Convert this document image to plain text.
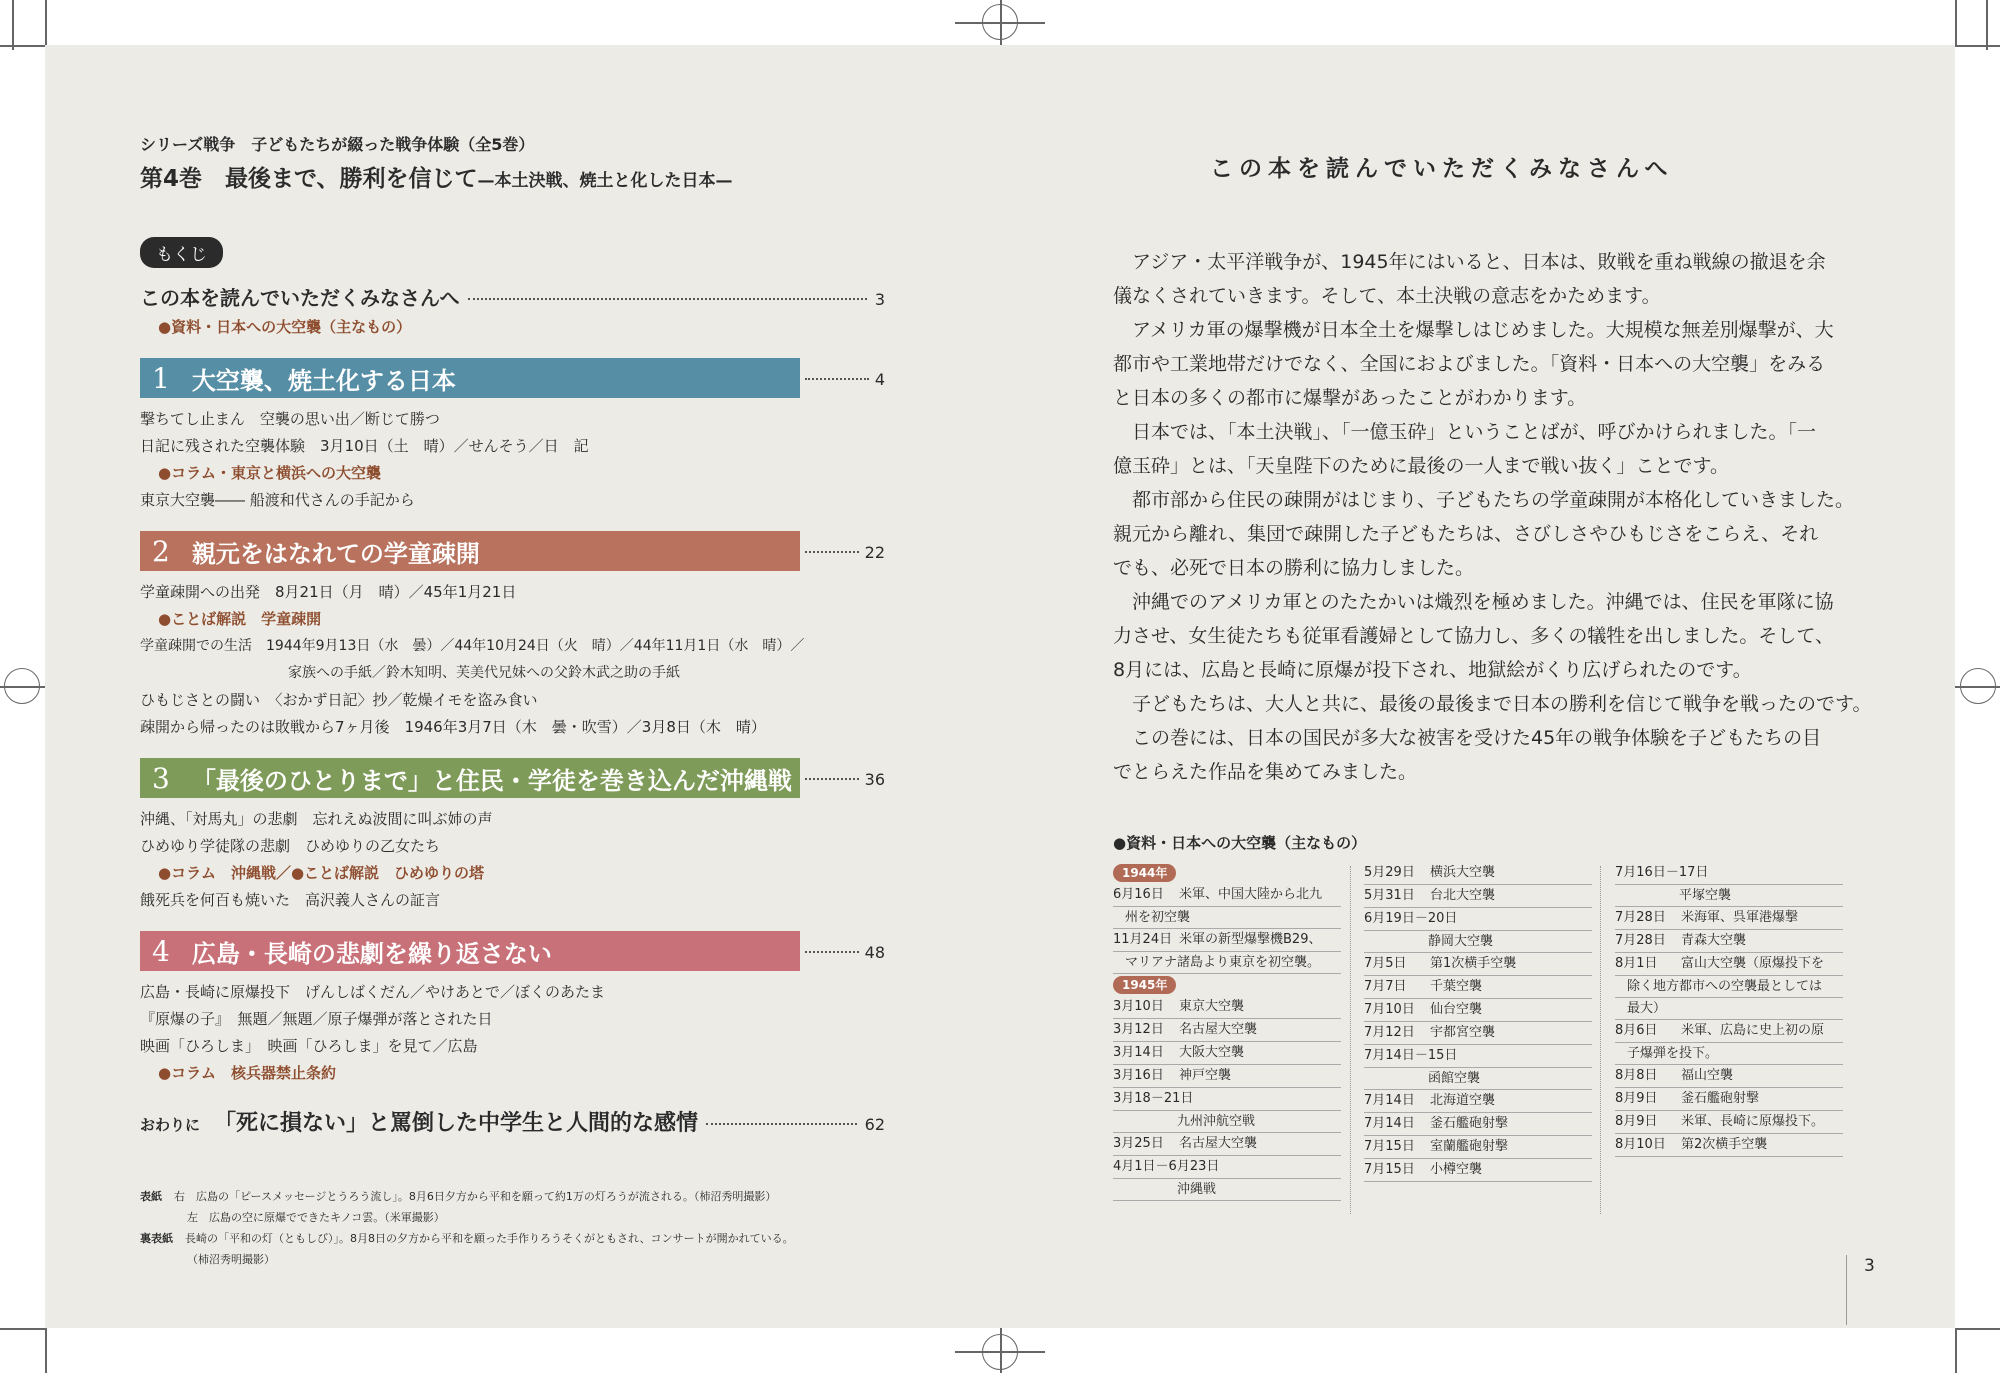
シリーズ戦争　子どもたちが綴った戦争体験（全5巻）
第4巻　最後まで、勝利を信じて—本土決戦、焼土と化した日本—
もくじ
この本を読んでいただくみなさんへ	3
●資料・日本への大空襲（主なもの）
1 大空襲、焼土化する日本	4
撃ちてし止まん　空襲の思い出／断じて勝つ
日記に残された空襲体験　3月10日（土　晴）／せんそう／日　記
●コラム・東京と横浜への大空襲
東京大空襲―― 船渡和代さんの手記から
2 親元をはなれての学童疎開	22
学童疎開への出発　8月21日（月　晴）／45年1月21日
●ことば解説　学童疎開
学童疎開での生活　1944年9月13日（水　曇）／44年10月24日（火　晴）／44年11月1日（水　晴）／
家族への手紙／鈴木知明、芙美代兄妹への父鈴木武之助の手紙
ひもじさとの闘い　〈おかず日記〉抄／乾燥イモを盗み食い
疎開から帰ったのは敗戦から7ヶ月後　1946年3月7日（木　曇・吹雪）／3月8日（木　晴）
3 「最後のひとりまで」と住民・学徒を巻き込んだ沖縄戦	36
沖縄、「対馬丸」の悲劇　忘れえぬ波間に叫ぶ姉の声
ひめゆり学徒隊の悲劇　ひめゆりの乙女たち
●コラム　沖縄戦／●ことば解説　ひめゆりの塔
餓死兵を何百も焼いた　高沢義人さんの証言
4 広島・長崎の悲劇を繰り返さない	48
広島・長崎に原爆投下　げんしばくだん／やけあとで／ぼくのあたま
『原爆の子』　無題／無題／原子爆弾が落とされた日
映画「ひろしま」　映画「ひろしま」を見て／広島
●コラム　核兵器禁止条約
おわりに 「死に損ない」と罵倒した中学生と人間的な感情	62
表紙 右　広島の「ピースメッセージとうろう流し」。8月6日夕方から平和を願って約1万の灯ろうが流される。（杮沼秀明撮影）
左　広島の空に原爆でできたキノコ雲。（米軍撮影）
裏表紙 長崎の「平和の灯（ともしび）」。8月8日の夕方から平和を願った手作りろうそくがともされ、コンサートが開かれている。
（杮沼秀明撮影）
この本を読んでいただくみなさんへ
　アジア・太平洋戦争が、1945年にはいると、日本は、敗戦を重ね戦線の撤退を余
儀なくされていきます。そして、本土決戦の意志をかためます。
　アメリカ軍の爆撃機が日本全土を爆撃しはじめました。大規模な無差別爆撃が、大
都市や工業地帯だけでなく、全国におよびました。「資料・日本への大空襲」をみる
と日本の多くの都市に爆撃があったことがわかります。
　日本では、「本土決戦」、「一億玉砕」ということばが、呼びかけられました。「一
億玉砕」とは、「天皇陛下のために最後の一人まで戦い抜く」ことです。
　都市部から住民の疎開がはじまり、子どもたちの学童疎開が本格化していきました。
親元から離れ、集団で疎開した子どもたちは、さびしさやひもじさをこらえ、それ
でも、必死で日本の勝利に協力しました。
　沖縄でのアメリカ軍とのたたかいは熾烈を極めました。沖縄では、住民を軍隊に協
力させ、女生徒たちも従軍看護婦として協力し、多くの犠牲を出しました。そして、
8月には、広島と長崎に原爆が投下され、地獄絵がくり広げられたのです。
　子どもたちは、大人と共に、最後の最後まで日本の勝利を信じて戦争を戦ったのです。
　この巻には、日本の国民が多大な被害を受けた45年の戦争体験を子どもたちの目
でとらえた作品を集めてみました。
●資料・日本への大空襲（主なもの）
1944年
6月16日 米軍、中国大陸から北九
州を初空襲
11月24日 米軍の新型爆撃機B29、
マリアナ諸島より東京を初空襲。
1945年
3月10日 東京大空襲
3月12日 名古屋大空襲
3月14日 大阪大空襲
3月16日 神戸空襲
3月18－21日
　　　　九州沖航空戦
3月25日 名古屋大空襲
4月1日－6月23日
　　　　沖縄戦
5月29日 横浜大空襲
5月31日 台北大空襲
6月19日－20日
　　　　静岡大空襲
7月5日 第1次横手空襲
7月7日 千葉空襲
7月10日 仙台空襲
7月12日 宇都宮空襲
7月14日－15日
　　　　函館空襲
7月14日 北海道空襲
7月14日 釜石艦砲射撃
7月15日 室蘭艦砲射撃
7月15日 小樽空襲
7月16日－17日
　　　　平塚空襲
7月28日 米海軍、呉軍港爆撃
7月28日 青森大空襲
8月1日 富山大空襲（原爆投下を
除く地方都市への空襲最としては
最大）
8月6日 米軍、広島に史上初の原
子爆弾を投下。
8月8日 福山空襲
8月9日 釜石艦砲射撃
8月9日 米軍、長崎に原爆投下。
8月10日 第2次横手空襲
3
